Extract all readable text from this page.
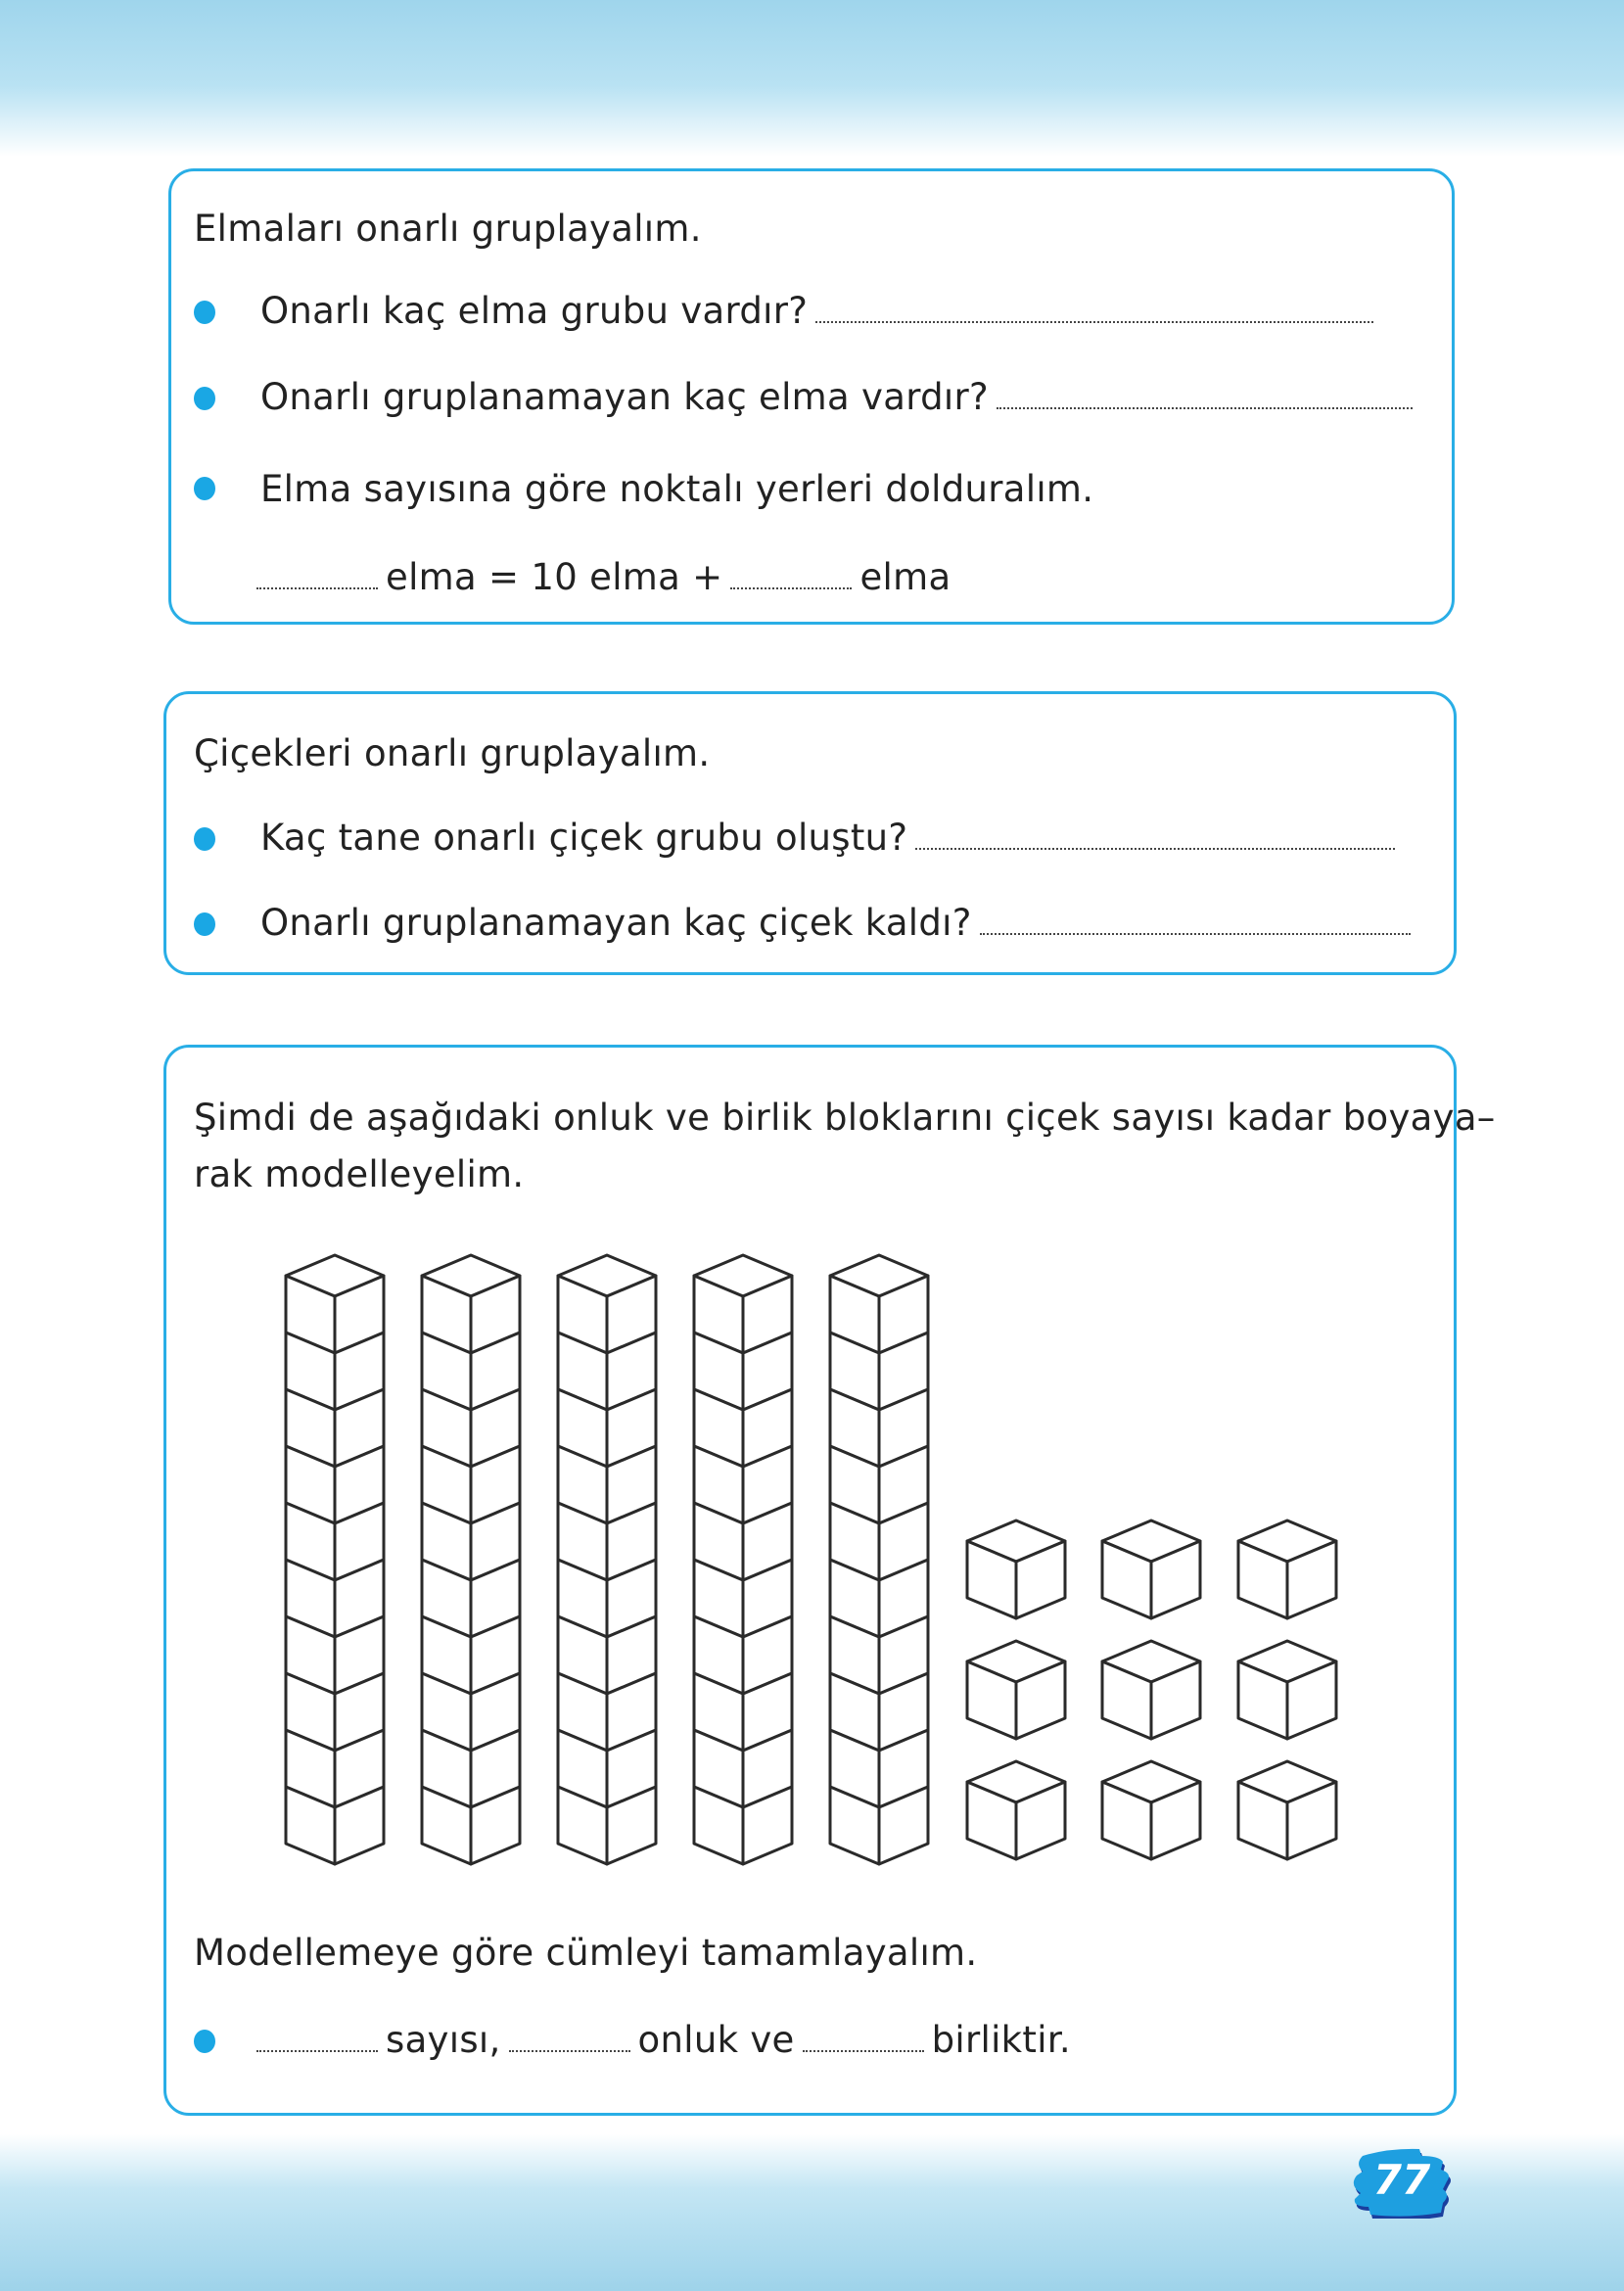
Elmaları onarlı gruplayalım.
Onarlı kaç elma grubu vardır?
Onarlı gruplanamayan kaç elma vardır?
Elma sayısına göre noktalı yerleri dolduralım.
elma = 10 elma +	elma
Çiçekleri onarlı gruplayalım.
Kaç tane onarlı çiçek grubu oluştu?
Onarlı gruplanamayan kaç çiçek kaldı?
Şimdi de aşağıdaki onluk ve birlik bloklarını çiçek sayısı kadar boyaya–
rak modelleyelim.
Modellemeye göre cümleyi tamamlayalım.
sayısı,	onluk ve	birliktir.
77
